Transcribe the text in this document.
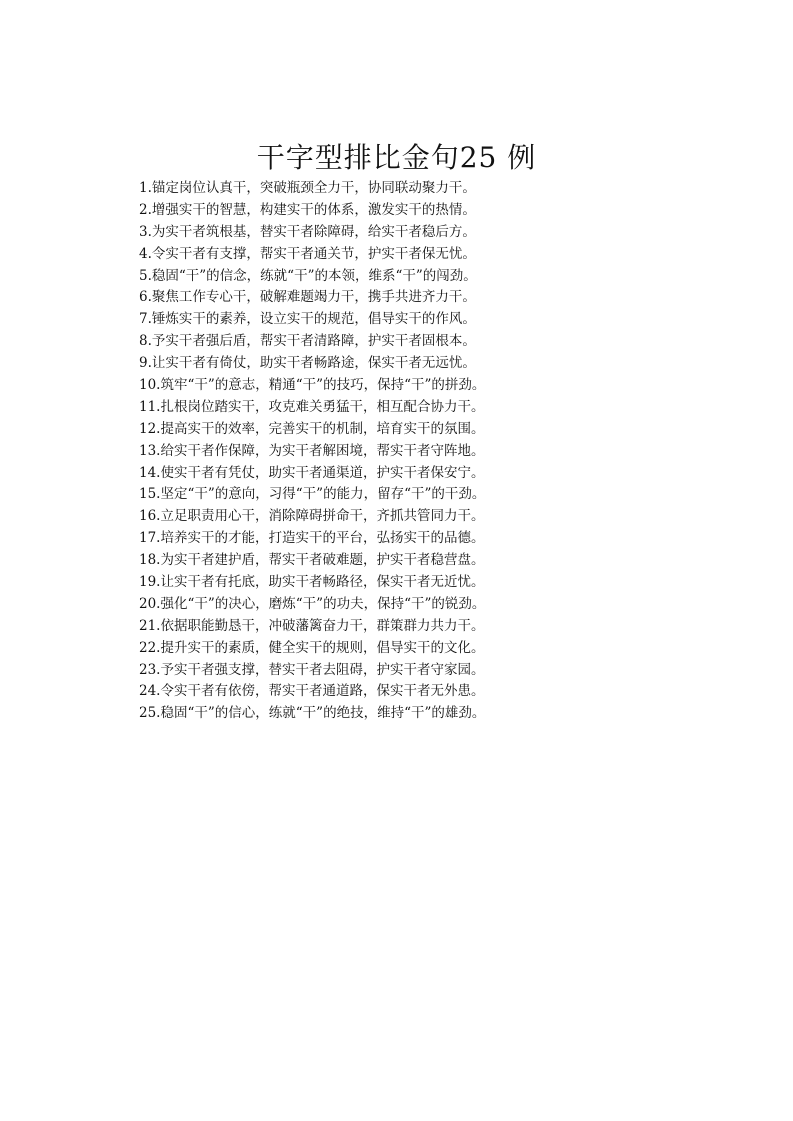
干字型排比金句25 例
1.锚定岗位认真干，突破瓶颈全力干，协同联动聚力干。
2.增强实干的智慧，构建实干的体系，激发实干的热情。
3.为实干者筑根基，替实干者除障碍，给实干者稳后方。
4.令实干者有支撑，帮实干者通关节，护实干者保无忧。
5.稳固“干”的信念，练就“干”的本领，维系“干”的闯劲。
6.聚焦工作专心干，破解难题竭力干，携手共进齐力干。
7.锤炼实干的素养，设立实干的规范，倡导实干的作风。
8.予实干者强后盾，帮实干者清路障，护实干者固根本。
9.让实干者有倚仗，助实干者畅路途，保实干者无远忧。
10.筑牢“干”的意志，精通“干”的技巧，保持“干”的拼劲。
11.扎根岗位踏实干，攻克难关勇猛干，相互配合协力干。
12.提高实干的效率，完善实干的机制，培育实干的氛围。
13.给实干者作保障，为实干者解困境，帮实干者守阵地。
14.使实干者有凭仗，助实干者通渠道，护实干者保安宁。
15.坚定“干”的意向，习得“干”的能力，留存“干”的干劲。
16.立足职责用心干，消除障碍拼命干，齐抓共管同力干。
17.培养实干的才能，打造实干的平台，弘扬实干的品德。
18.为实干者建护盾，帮实干者破难题，护实干者稳营盘。
19.让实干者有托底，助实干者畅路径，保实干者无近忧。
20.强化“干”的决心，磨炼“干”的功夫，保持“干”的锐劲。
21.依据职能勤恳干，冲破藩篱奋力干，群策群力共力干。
22.提升实干的素质，健全实干的规则，倡导实干的文化。
23.予实干者强支撑，替实干者去阻碍，护实干者守家园。
24.令实干者有依傍，帮实干者通道路，保实干者无外患。
25.稳固“干”的信心，练就“干”的绝技，维持“干”的雄劲。
